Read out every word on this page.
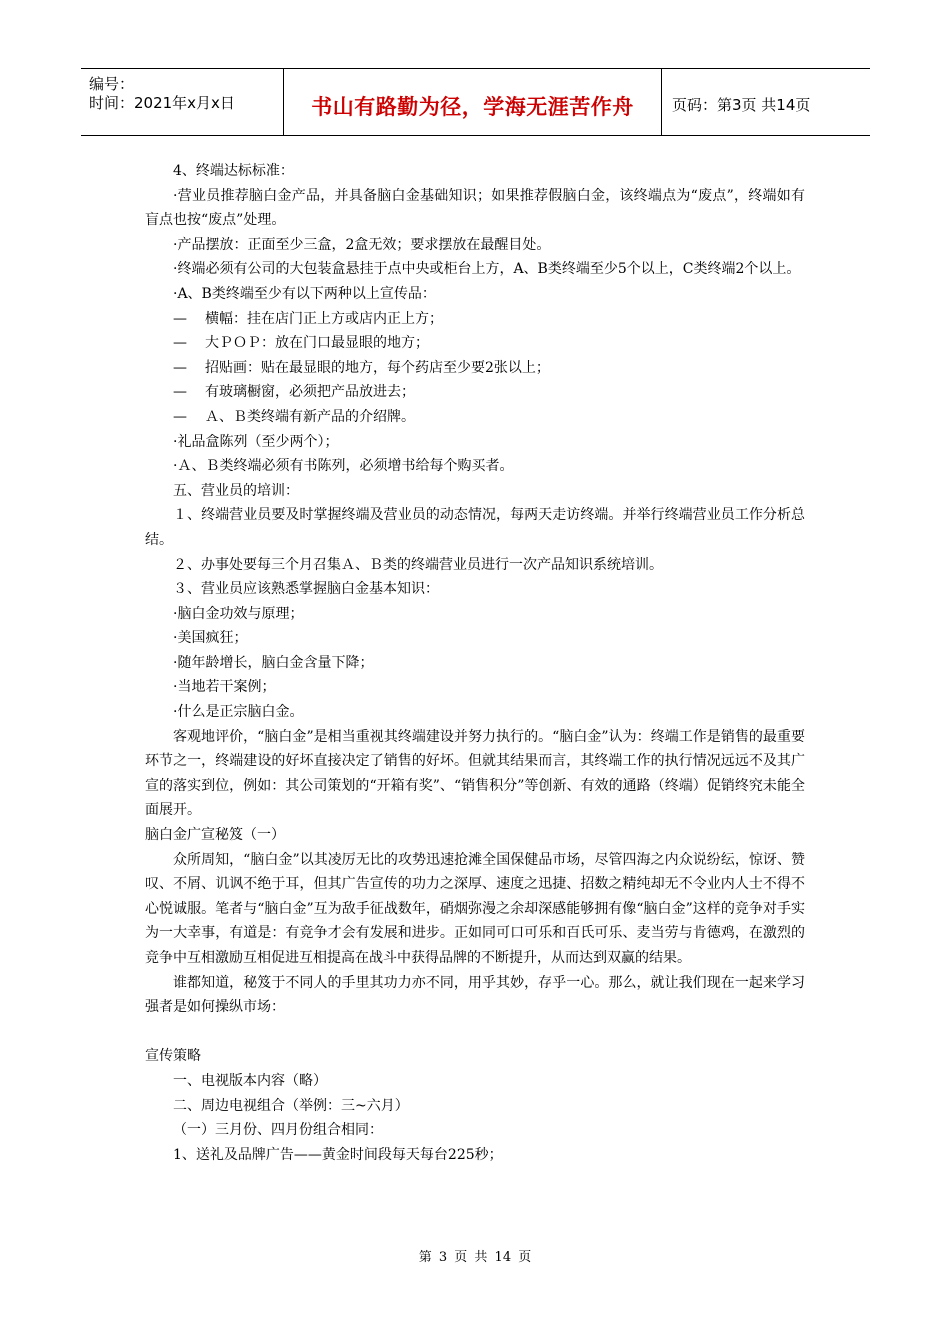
编号：
时间：2021年x月x日	书山有路勤为径，学海无涯苦作舟	页码：第3页 共14页

4、终端达标标准：

·营业员推荐脑白金产品，并具备脑白金基础知识；如果推荐假脑白金，该终端点为“废点”，终端如有盲点也按“废点”处理。

·产品摆放：正面至少三盒，2盒无效；要求摆放在最醒目处。

·终端必须有公司的大包装盒悬挂于点中央或柜台上方，A、B类终端至少5个以上，C类终端2个以上。

·A、B类终端至少有以下两种以上宣传品：

— 横幅：挂在店门正上方或店内正上方；

— 大ＰＯＰ：放在门口最显眼的地方；

— 招贴画：贴在最显眼的地方，每个药店至少要2张以上；

— 有玻璃橱窗，必须把产品放进去；

— Ａ、Ｂ类终端有新产品的介绍牌。

·礼品盒陈列（至少两个）；

·Ａ、Ｂ类终端必须有书陈列，必须增书给每个购买者。

五、营业员的培训：

１、终端营业员要及时掌握终端及营业员的动态情况，每两天走访终端。并举行终端营业员工作分析总结。

２、办事处要每三个月召集Ａ、Ｂ类的终端营业员进行一次产品知识系统培训。

３、营业员应该熟悉掌握脑白金基本知识：

·脑白金功效与原理；

·美国疯狂；

·随年龄增长，脑白金含量下降；

·当地若干案例；

·什么是正宗脑白金。

客观地评价，“脑白金”是相当重视其终端建设并努力执行的。“脑白金”认为：终端工作是销售的最重要环节之一，终端建设的好坏直接决定了销售的好坏。但就其结果而言，其终端工作的执行情况远远不及其广宣的落实到位，例如：其公司策划的“开箱有奖”、“销售积分”等创新、有效的通路（终端）促销终究未能全面展开。

脑白金广宣秘笈（一）

众所周知，“脑白金”以其凌厉无比的攻势迅速抢滩全国保健品市场，尽管四海之内众说纷纭，惊讶、赞叹、不屑、讥讽不绝于耳，但其广告宣传的功力之深厚、速度之迅捷、招数之精纯却无不令业内人士不得不心悦诚服。笔者与“脑白金”互为敌手征战数年，硝烟弥漫之余却深感能够拥有像“脑白金”这样的竞争对手实为一大幸事，有道是：有竞争才会有发展和进步。正如同可口可乐和百氏可乐、麦当劳与肯德鸡，在激烈的竞争中互相激励互相促进互相提高在战斗中获得品牌的不断提升，从而达到双赢的结果。

谁都知道，秘笈于不同人的手里其功力亦不同，用乎其妙，存乎一心。那么，就让我们现在一起来学习强者是如何操纵市场：

宣传策略

一、电视版本内容（略）

二、周边电视组合（举例：三~六月）

（一）三月份、四月份组合相同：

1、送礼及品牌广告——黄金时间段每天每台225秒；

第 3 页 共 14 页
